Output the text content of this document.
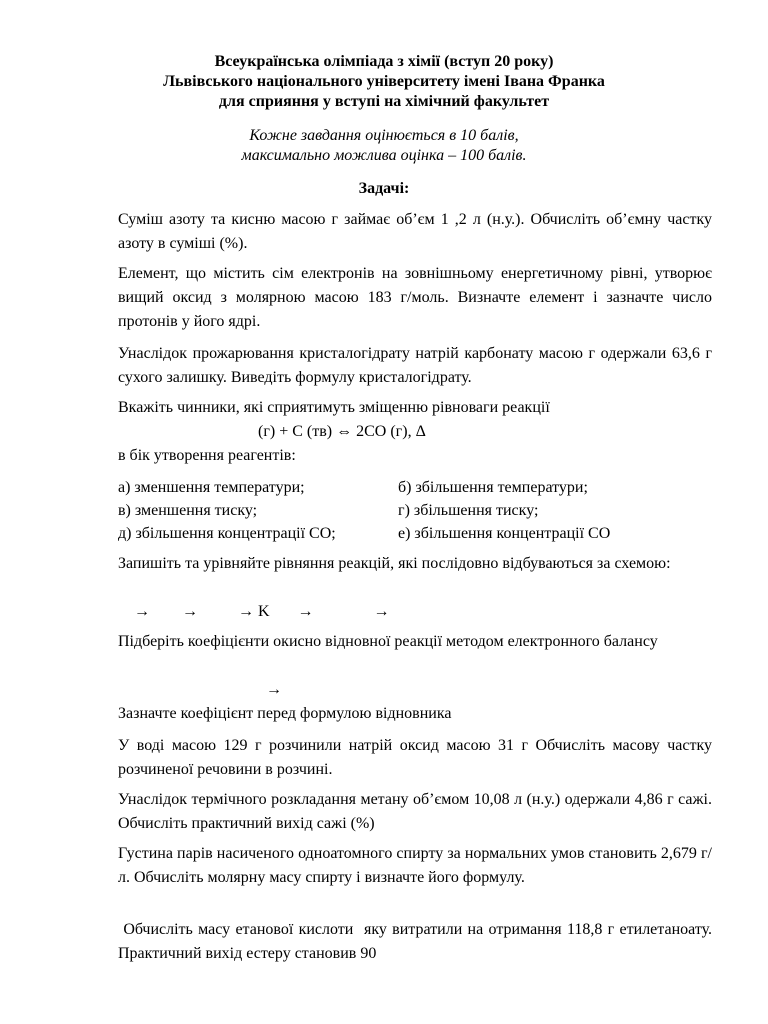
Всеукраїнська олімпіада з хімії (вступ 20 року)
Львівського національного університету імені Івана Франка
для сприяння у вступі на хімічний факультет
Кожне завдання оцінюється в 10 балів,
максимально можлива оцінка – 100 балів.
Задачі:
Суміш азоту та кисню масою г займає об’єм 1 ,2 л (н.у.). Обчисліть об’ємну частку азоту в суміші (%).
Елемент, що містить сім електронів на зовнішньому енергетичному рівні, утворює вищий оксид з молярною масою 183 г/моль. Визначте елемент і зазначте число протонів у його ядрі.
Унаслідок прожарювання кристалогідрату натрій карбонату масою г одержали 63,6 г сухого залишку. Виведіть формулу кристалогідрату.
Вкажіть чинники, які сприятимуть зміщенню рівноваги реакції
(г) + С (тв) ⇔ 2СО (г), Δ
в бік утворення реагентів:
а) зменшення температури;	б) збільшення температури;
в) зменшення тиску;	г) збільшення тиску;
д) збільшення концентрації СО;	е) збільшення концентрації СО
Запишіть та урівняйте рівняння реакцій, які послідовно відбуваються за схемою:
→        →          → K       →               →
Підберіть коефіцієнти окисно відновної реакції методом електронного балансу
→
Зазначте коефіцієнт перед формулою відновника
У воді масою 129 г розчинили натрій оксид масою 31 г Обчисліть масову частку розчиненої речовини в розчині.
Унаслідок термічного розкладання метану об’ємом 10,08 л (н.у.) одержали 4,86 г сажі. Обчисліть практичний вихід сажі (%)
Густина парів насиченого одноатомного спирту за нормальних умов становить 2,679 г/л. Обчисліть молярну масу спирту і визначте його формулу.
Обчисліть масу етанової кислоти  яку витратили на отримання 118,8 г етилетаноату. Практичний вихід естеру становив 90
